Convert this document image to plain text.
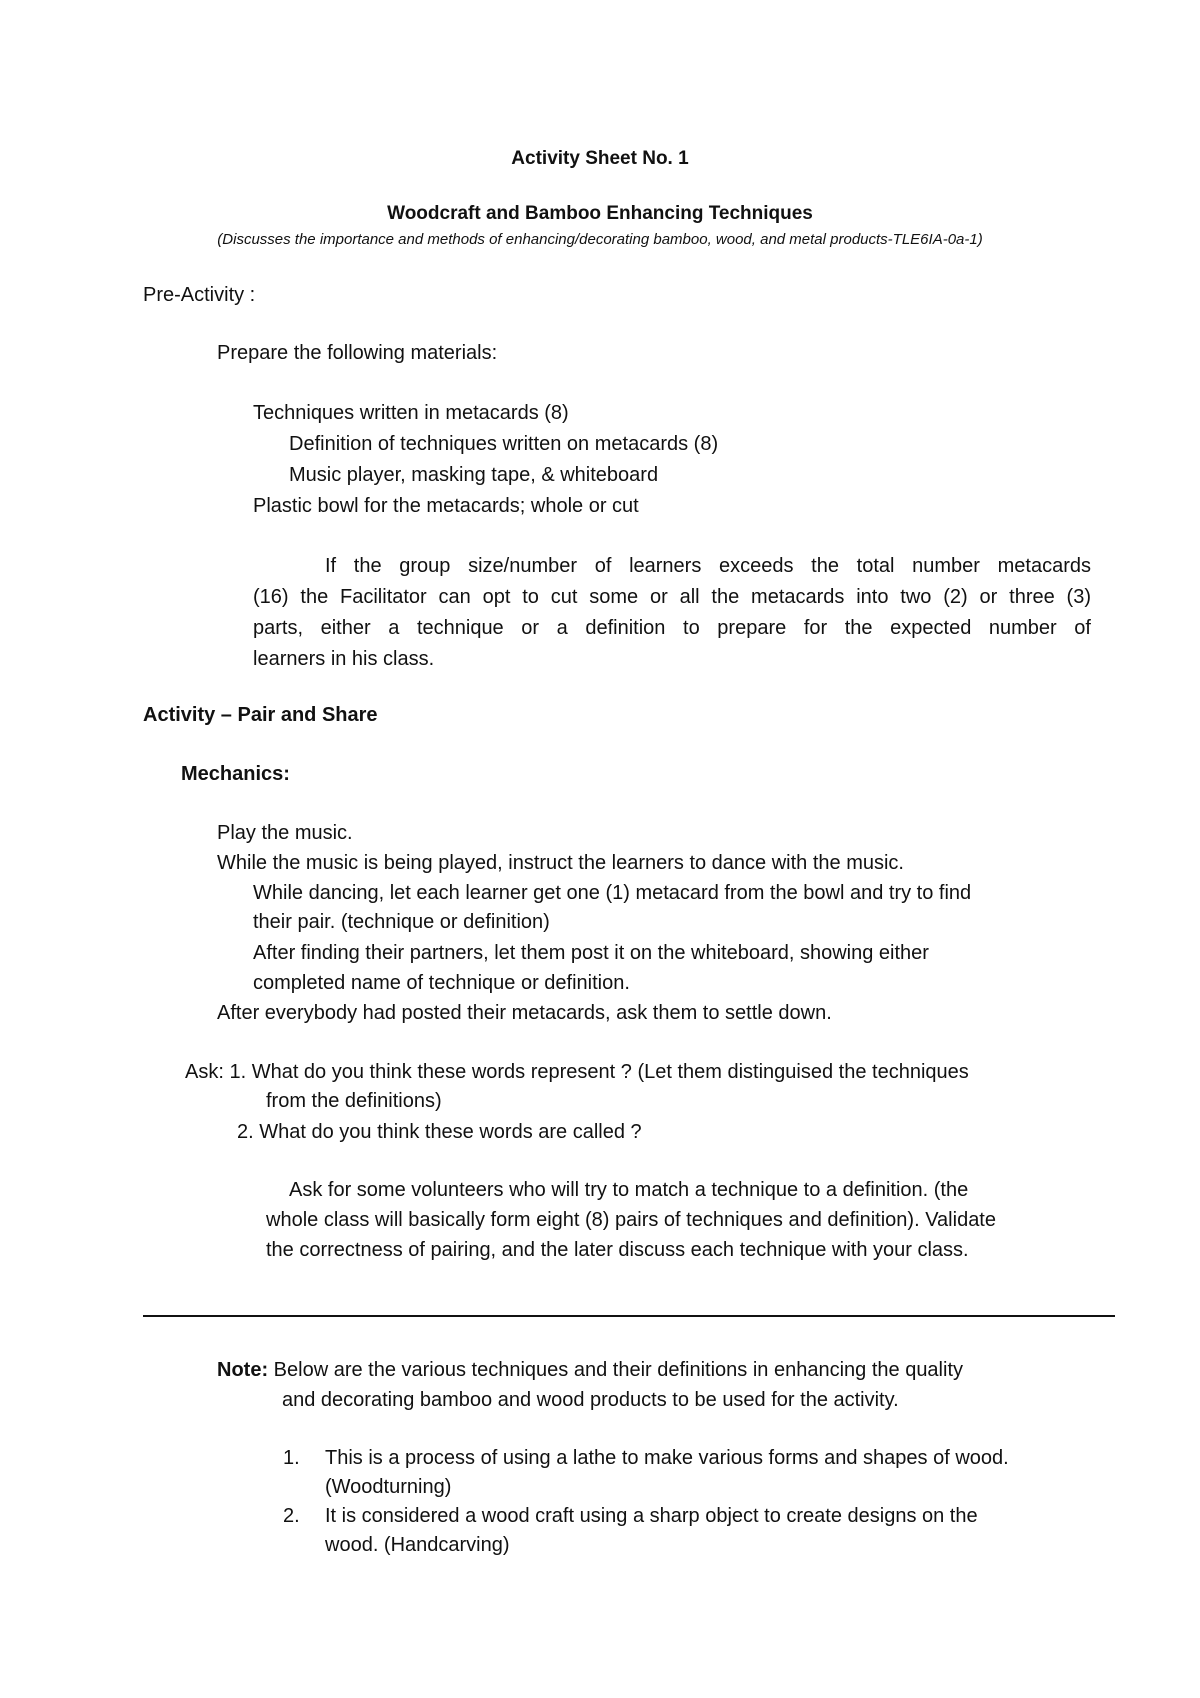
Activity Sheet No. 1
Woodcraft and Bamboo Enhancing Techniques
(Discusses the importance and methods of enhancing/decorating bamboo, wood, and metal products-TLE6IA-0a-1)
Pre-Activity :
Prepare the following materials:
Techniques written in metacards (8)
Definition of techniques written on metacards (8)
Music player, masking tape, & whiteboard
Plastic bowl for the metacards; whole or cut
If the group size/number of learners exceeds the total number metacards
(16) the Facilitator can opt to cut some or all the metacards into two (2) or three (3)
parts, either a technique or a definition to prepare for the expected number of
learners in his class.
Activity – Pair and Share
Mechanics:
Play the music.
While the music is being played, instruct the learners to dance with the music.
While dancing, let each learner get one (1) metacard from the bowl and try to find
their pair. (technique or definition)
After finding their partners, let them post it on the whiteboard, showing either
completed name of technique or definition.
After everybody had posted their metacards, ask them to settle down.
Ask: 1. What do you think these words represent ? (Let them distinguised the techniques
from the definitions)
2. What do you think these words are called ?
Ask for some volunteers who will try to match a technique to a definition. (the
whole class will basically form eight (8) pairs of techniques and definition). Validate
the correctness of pairing, and the later discuss each technique with your class.
Note: Below are the various techniques and their definitions in enhancing the quality
and decorating bamboo and wood products to be used for the activity.
1. This is a process of using a lathe to make various forms and shapes of wood.
(Woodturning)
2. It is considered a wood craft using a sharp object to create designs on the
wood. (Handcarving)
